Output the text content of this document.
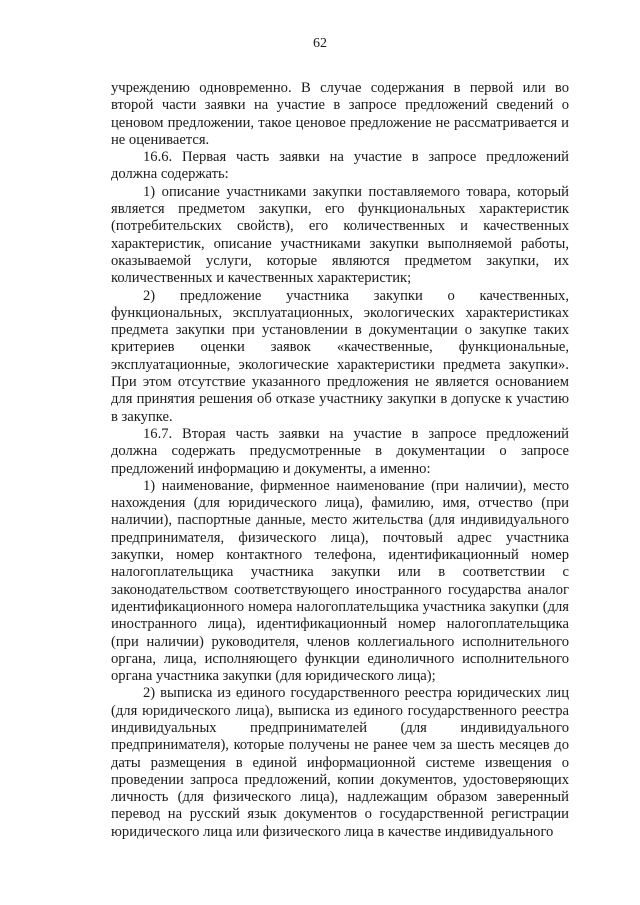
62

учреждению одновременно. В случае содержания в первой или во второй части заявки на участие в запросе предложений сведений о ценовом предложении, такое ценовое предложение не рассматривается и не оценивается.

16.6. Первая часть заявки на участие в запросе предложений должна содержать:

1) описание участниками закупки поставляемого товара, который является предметом закупки, его функциональных характеристик (потребительских свойств), его количественных и качественных характеристик, описание участниками закупки выполняемой работы, оказываемой услуги, которые являются предметом закупки, их количественных и качественных характеристик;

2) предложение участника закупки о качественных, функциональных, эксплуатационных, экологических характеристиках предмета закупки при установлении в документации о закупке таких критериев оценки заявок «качественные, функциональные, эксплуатационные, экологические характеристики предмета закупки». При этом отсутствие указанного предложения не является основанием для принятия решения об отказе участнику закупки в допуске к участию в закупке.

16.7. Вторая часть заявки на участие в запросе предложений должна содержать предусмотренные в документации о запросе предложений информацию и документы, а именно:

1) наименование, фирменное наименование (при наличии), место нахождения (для юридического лица), фамилию, имя, отчество (при наличии), паспортные данные, место жительства (для индивидуального предпринимателя, физического лица), почтовый адрес участника закупки, номер контактного телефона, идентификационный номер налогоплательщика участника закупки или в соответствии с законодательством соответствующего иностранного государства аналог идентификационного номера налогоплательщика участника закупки (для иностранного лица), идентификационный номер налогоплательщика (при наличии) руководителя, членов коллегиального исполнительного органа, лица, исполняющего функции единоличного исполнительного органа участника закупки (для юридического лица);

2) выписка из единого государственного реестра юридических лиц (для юридического лица), выписка из единого государственного реестра индивидуальных предпринимателей (для индивидуального предпринимателя), которые получены не ранее чем за шесть месяцев до даты размещения в единой информационной системе извещения о проведении запроса предложений, копии документов, удостоверяющих личность (для физического лица), надлежащим образом заверенный перевод на русский язык документов о государственной регистрации юридического лица или физического лица в качестве индивидуального
